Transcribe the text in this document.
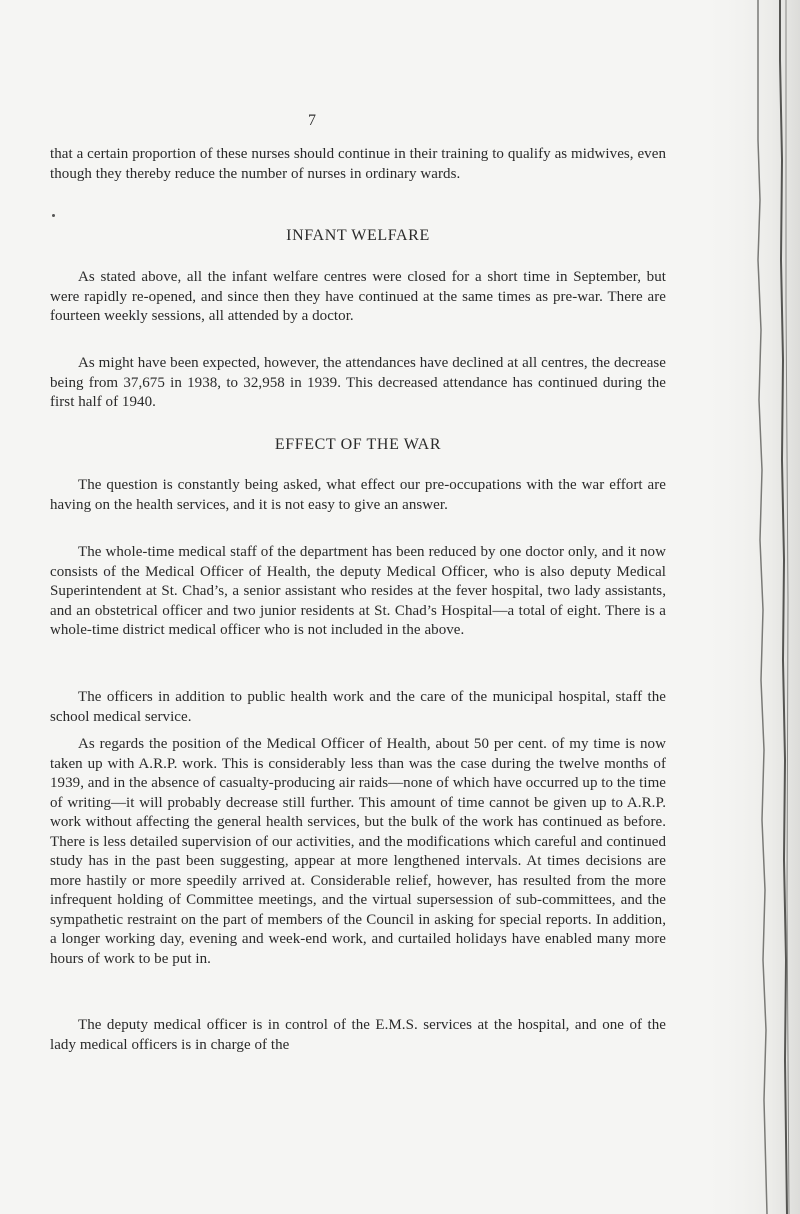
7

that a certain proportion of these nurses should continue in their training to qualify as midwives, even though they thereby reduce the number of nurses in ordinary wards.

INFANT WELFARE

As stated above, all the infant welfare centres were closed for a short time in September, but were rapidly re-opened, and since then they have continued at the same times as pre-war. There are fourteen weekly sessions, all attended by a doctor.

As might have been expected, however, the attendances have declined at all centres, the decrease being from 37,675 in 1938, to 32,958 in 1939. This decreased attendance has continued during the first half of 1940.

EFFECT OF THE WAR

The question is constantly being asked, what effect our pre-occupations with the war effort are having on the health services, and it is not easy to give an answer.

The whole-time medical staff of the department has been reduced by one doctor only, and it now consists of the Medical Officer of Health, the deputy Medical Officer, who is also deputy Medical Superintendent at St. Chad’s, a senior assistant who resides at the fever hospital, two lady assistants, and an obstetrical officer and two junior residents at St. Chad’s Hospital—a total of eight. There is a whole-time district medical officer who is not included in the above.

The officers in addition to public health work and the care of the municipal hospital, staff the school medical service.

As regards the position of the Medical Officer of Health, about 50 per cent. of my time is now taken up with A.R.P. work. This is considerably less than was the case during the twelve months of 1939, and in the absence of casualty-producing air raids—none of which have occurred up to the time of writing—it will probably decrease still further. This amount of time cannot be given up to A.R.P. work without affecting the general health services, but the bulk of the work has continued as before. There is less detailed supervision of our activities, and the modifications which careful and continued study has in the past been suggesting, appear at more lengthened intervals. At times decisions are more hastily or more speedily arrived at. Considerable relief, however, has resulted from the more infrequent holding of Committee meetings, and the virtual supersession of sub-committees, and the sympathetic restraint on the part of members of the Council in asking for special reports. In addition, a longer working day, evening and week-end work, and curtailed holidays have enabled many more hours of work to be put in.

The deputy medical officer is in control of the E.M.S. services at the hospital, and one of the lady medical officers is in charge of the
